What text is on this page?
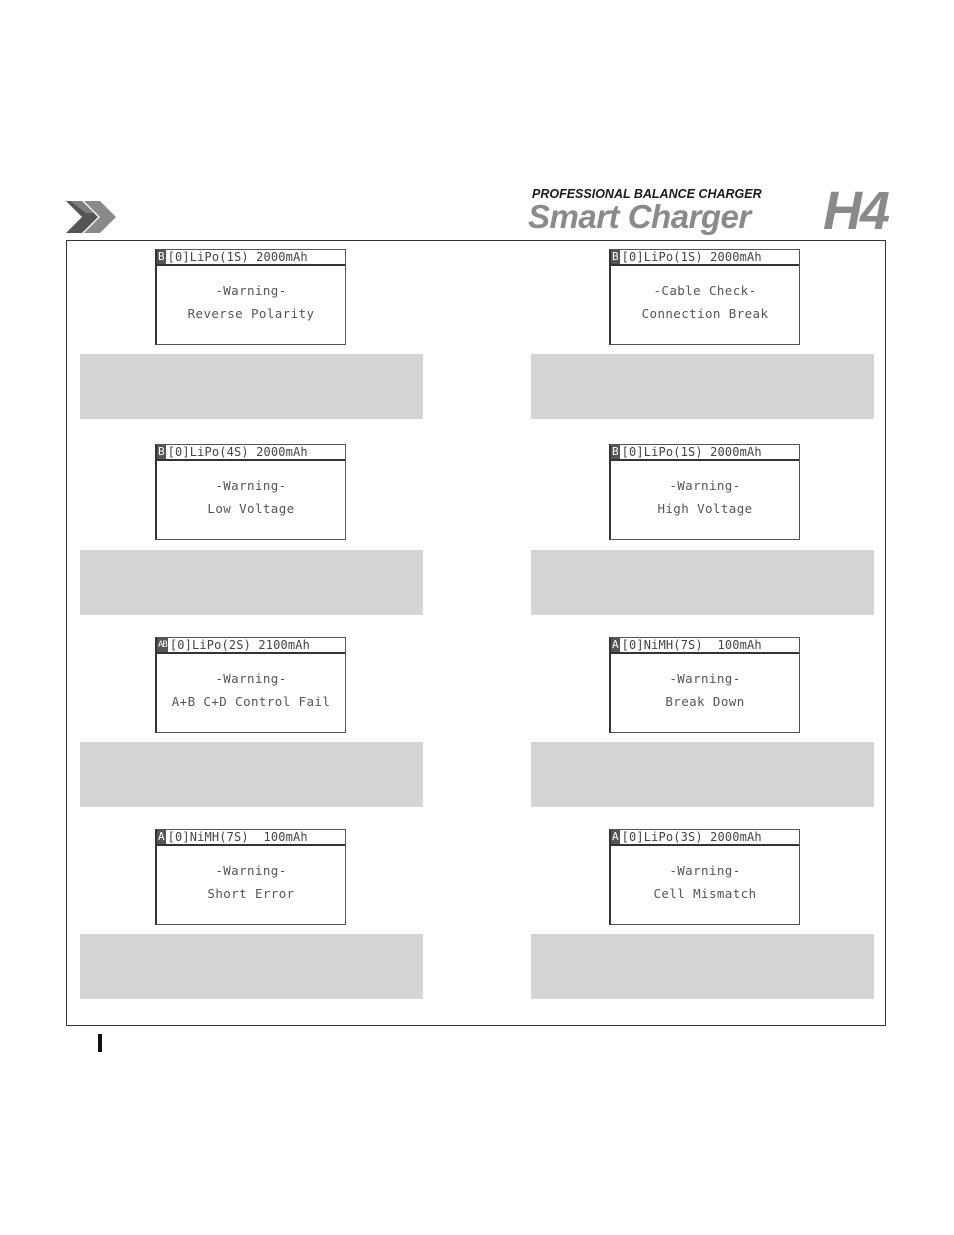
PROFESSIONAL BALANCE CHARGER
Smart Charger H4
B [0]LiPo(1S) 2000mAh
-Warning-
Reverse Polarity
B [0]LiPo(1S) 2000mAh
-Cable Check-
Connection Break
B [0]LiPo(4S) 2000mAh
-Warning-
Low Voltage
B [0]LiPo(1S) 2000mAh
-Warning-
High Voltage
AB [0]LiPo(2S) 2100mAh
-Warning-
A+B C+D Control Fail
A [0]NiMH(7S)  100mAh
-Warning-
Break Down
A [0]NiMH(7S)  100mAh
-Warning-
Short Error
A [0]LiPo(3S) 2000mAh
-Warning-
Cell Mismatch
